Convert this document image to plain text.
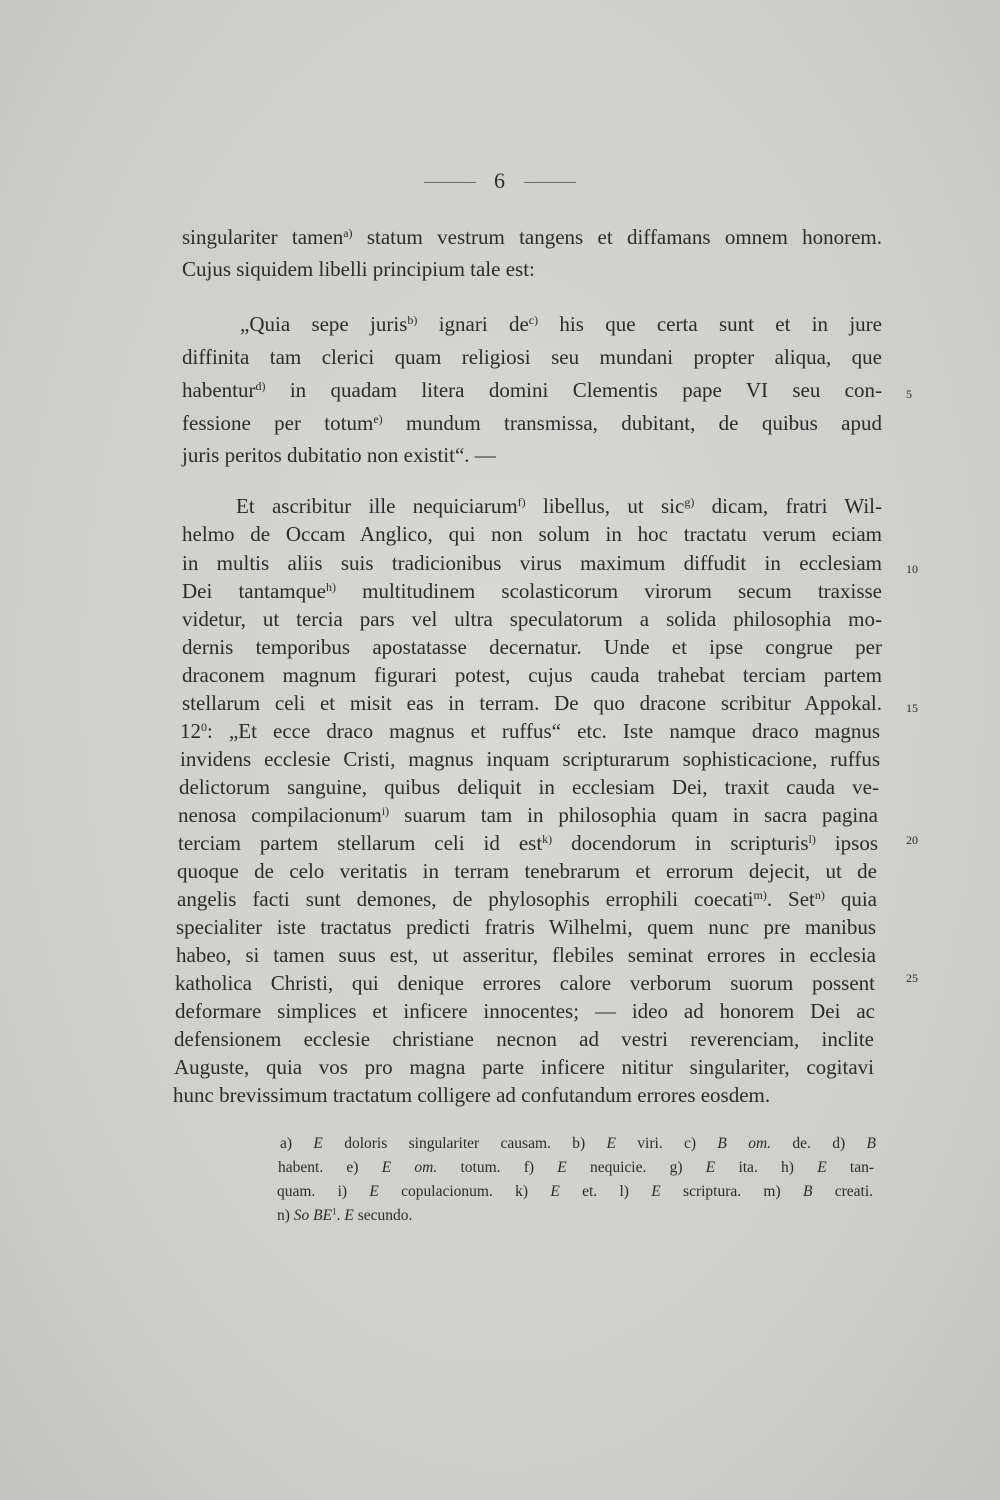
6
singulariter tamen$^{a)}$ statum vestrum tangens et diffamans omnem honorem.
Cujus siquidem libelli principium tale est:
„Quia sepe juris$^{b)}$ ignari $de^{c)}$ his que certa sunt et in jure
diffinita tam clerici quam religiosi seu mundani propter aliqua, que
habentur$^{d)}$ in quadam litera domini Clementis pape VI seu con-
fessione per totum$^{e)}$ mundum transmissa, dubitant, de quibus apud
juris peritos dubitatio non existit“. —
Et ascribitur ille nequiciarum$^{f)}$ libellus, ut sic$^{g)}$ dicam, fratri Wil-
helmo de Occam Anglico, qui non solum in hoc tractatu verum eciam
in multis aliis suis tradicionibus virus maximum diffudit in ecclesiam
Dei tantamque$^{h)}$ multitudinem scolasticorum virorum secum traxisse
videtur, ut tercia pars vel ultra speculatorum a solida philosophia mo-
dernis temporibus apostatasse decernatur. Unde et ipse congrue per
draconem magnum figurari potest, cujus cauda trahebat terciam partem
stellarum celi et misit eas in terram. De quo dracone scribitur Appokal.
$12^0$: „Et ecce draco magnus et ruffus“ etc. Iste namque draco magnus
invidens ecclesie Cristi, magnus inquam scripturarum sophisticacione, ruffus
delictorum sanguine, quibus deliquit in ecclesiam Dei, traxit cauda ve-
nenosa compilacionum$^{i)}$ suarum tam in philosophia quam in sacra pagina
terciam partem stellarum celi id est$^{k)}$ docendorum in scripturis$^{l)}$ ipsos
quoque de celo veritatis in terram tenebrarum et errorum dejecit, ut de
angelis facti sunt demones, de phylosophis errophili coecati$^{m)}$. Set$^{n)}$ quia
specialiter iste tractatus predicti fratris Wilhelmi, quem nunc pre manibus
habeo, si tamen suus est, ut asseritur, flebiles seminat errores in ecclesia
katholica Christi, qui denique errores calore verborum suorum possent
deformare simplices et inficere innocentes; — ideo ad honorem Dei ac
defensionem ecclesie christiane necnon ad vestri reverenciam, inclite
Auguste, quia vos pro magna parte inficere nititur singulariter, cogitavi
hunc brevissimum tractatum colligere ad confutandum errores eosdem.
5
10
15
20
25
a) E doloris singulariter causam. b) E viri. c) B om. de. d) B
habent. e) E om. totum. f) E nequicie. g) E ita. h) E tan-
quam. i) E copulacionum. k) E et. l) E scriptura. m) B creati.
n) So $BE^1$. E secundo.
